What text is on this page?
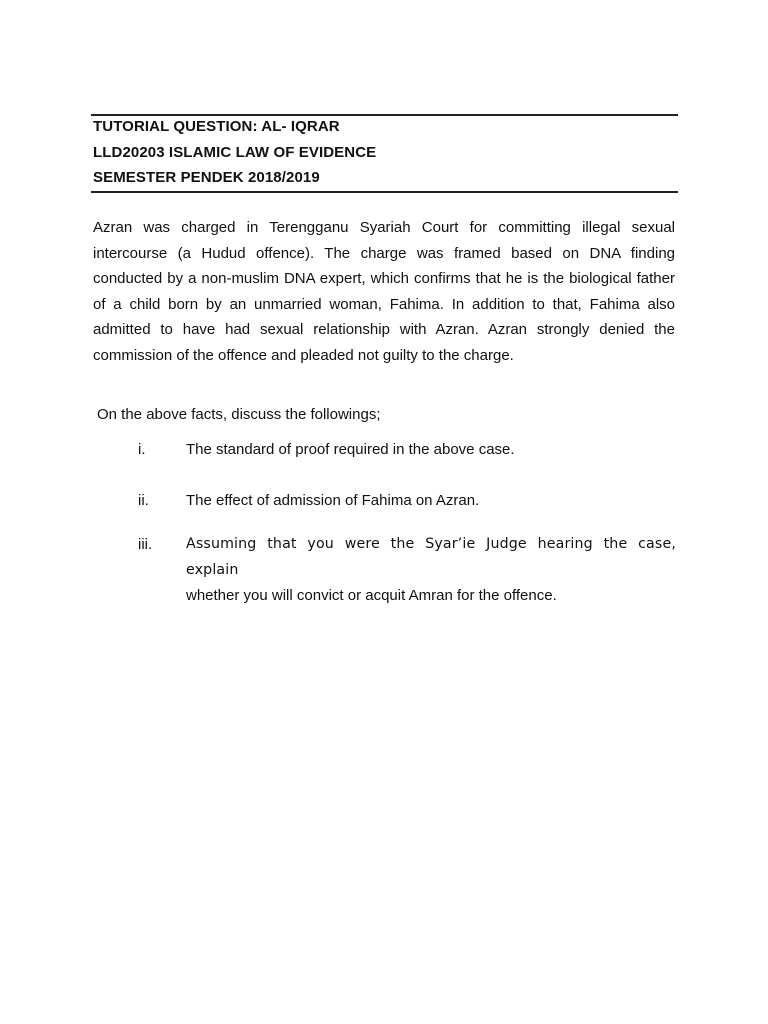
TUTORIAL QUESTION: AL- IQRAR
LLD20203 ISLAMIC LAW OF EVIDENCE
SEMESTER PENDEK 2018/2019

Azran was charged in Terengganu Syariah Court for committing illegal sexual intercourse (a Hudud offence). The charge was framed based on DNA finding conducted by a non-muslim DNA expert, which confirms that he is the biological father of a child born by an unmarried woman, Fahima. In addition to that, Fahima also admitted to have had sexual relationship with Azran. Azran strongly denied the commission of the offence and pleaded not guilty to the charge.

On the above facts, discuss the followings;

i.	The standard of proof required in the above case.
ii.	The effect of admission of Fahima on Azran.
iii.	Assuming that you were the Syar’ie Judge hearing the case, explain
whether you will convict or acquit Amran for the offence.
